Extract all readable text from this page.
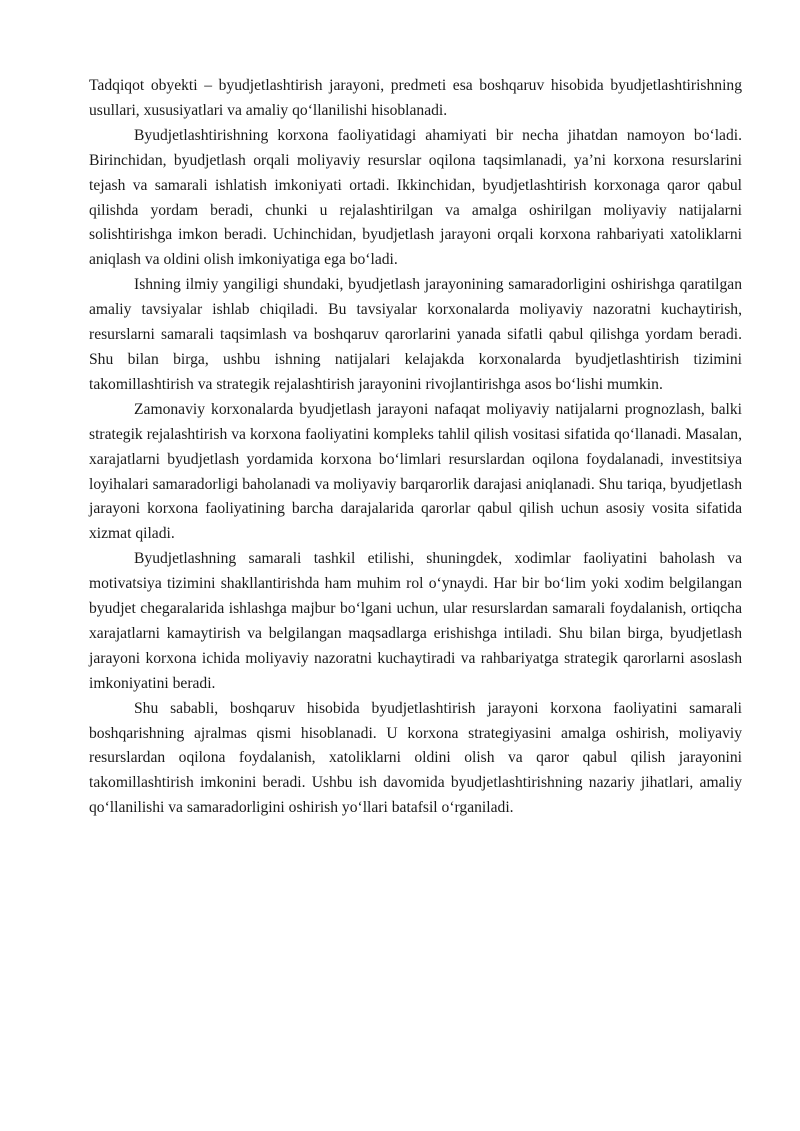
Tadqiqot obyekti – byudjetlashtirish jarayoni, predmeti esa boshqaruv hisobida byudjetlashtirishning usullari, xususiyatlari va amaliy qo‘llanilishi hisoblanadi.

Byudjetlashtirishning korxona faoliyatidagi ahamiyati bir necha jihatdan namoyon bo‘ladi. Birinchidan, byudjetlash orqali moliyaviy resurslar oqilona taqsimlanadi, ya’ni korxona resurslarini tejash va samarali ishlatish imkoniyati ortadi. Ikkinchidan, byudjetlashtirish korxonaga qaror qabul qilishda yordam beradi, chunki u rejalashtirilgan va amalga oshirilgan moliyaviy natijalarni solishtirishga imkon beradi. Uchinchidan, byudjetlash jarayoni orqali korxona rahbariyati xatoliklarni aniqlash va oldini olish imkoniyatiga ega bo‘ladi.

Ishning ilmiy yangiligi shundaki, byudjetlash jarayonining samaradorligini oshirishga qaratilgan amaliy tavsiyalar ishlab chiqiladi. Bu tavsiyalar korxonalarda moliyaviy nazoratni kuchaytirish, resurslarni samarali taqsimlash va boshqaruv qarorlarini yanada sifatli qabul qilishga yordam beradi. Shu bilan birga, ushbu ishning natijalari kelajakda korxonalarda byudjetlashtirish tizimini takomillashtirish va strategik rejalashtirish jarayonini rivojlantirishga asos bo‘lishi mumkin.

Zamonaviy korxonalarda byudjetlash jarayoni nafaqat moliyaviy natijalarni prognozlash, balki strategik rejalashtirish va korxona faoliyatini kompleks tahlil qilish vositasi sifatida qo‘llanadi. Masalan, xarajatlarni byudjetlash yordamida korxona bo‘limlari resurslardan oqilona foydalanadi, investitsiya loyihalari samaradorligi baholanadi va moliyaviy barqarorlik darajasi aniqlanadi. Shu tariqa, byudjetlash jarayoni korxona faoliyatining barcha darajalarida qarorlar qabul qilish uchun asosiy vosita sifatida xizmat qiladi.

Byudjetlashning samarali tashkil etilishi, shuningdek, xodimlar faoliyatini baholash va motivatsiya tizimini shakllantirishda ham muhim rol o‘ynaydi. Har bir bo‘lim yoki xodim belgilangan byudjet chegaralarida ishlashga majbur bo‘lgani uchun, ular resurslardan samarali foydalanish, ortiqcha xarajatlarni kamaytirish va belgilangan maqsadlarga erishishga intiladi. Shu bilan birga, byudjetlash jarayoni korxona ichida moliyaviy nazoratni kuchaytiradi va rahbariyatga strategik qarorlarni asoslash imkoniyatini beradi.

Shu sababli, boshqaruv hisobida byudjetlashtirish jarayoni korxona faoliyatini samarali boshqarishning ajralmas qismi hisoblanadi. U korxona strategiyasini amalga oshirish, moliyaviy resurslardan oqilona foydalanish, xatoliklarni oldini olish va qaror qabul qilish jarayonini takomillashtirish imkonini beradi. Ushbu ish davomida byudjetlashtirishning nazariy jihatlari, amaliy qo‘llanilishi va samaradorligini oshirish yo‘llari batafsil o‘rganiladi.
